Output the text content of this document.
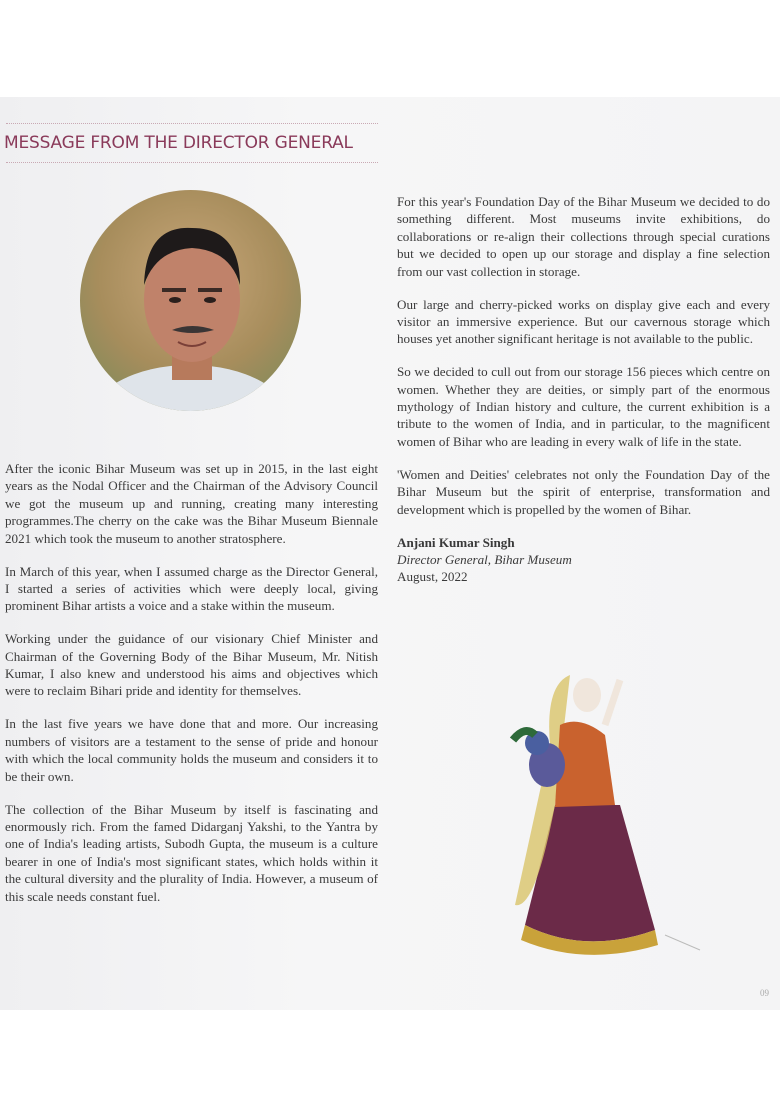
MESSAGE FROM THE DIRECTOR GENERAL

After the iconic Bihar Museum was set up in 2015, in the last eight years as the Nodal Officer and the Chairman of the Advisory Council we got the museum up and running, creating many interesting programmes.The cherry on the cake was the Bihar Museum Biennale 2021 which took the museum to another stratosphere.

In March of this year, when I assumed charge as the Director General, I started a series of activities which were deeply local, giving prominent Bihar artists a voice and a stake within the museum.

Working under the guidance of our visionary Chief Minister and Chairman of the Governing Body of the Bihar Museum, Mr. Nitish Kumar, I also knew and understood his aims and objectives which were to reclaim Bihari pride and identity for themselves.

In the last five years we have done that and more. Our increasing numbers of visitors are a testament to the sense of pride and honour with which the local community holds the museum and considers it to be their own.

The collection of the Bihar Museum by itself is fascinating and enormously rich. From the famed Didarganj Yakshi, to the Yantra by one of India's leading artists, Subodh Gupta, the museum is a culture bearer in one of India's most significant states, which holds within it the cultural diversity and the plurality of India. However, a museum of this scale needs constant fuel.

For this year's Foundation Day of the Bihar Museum we decided to do something different. Most museums invite exhibitions, do collaborations or re-align their collections through special curations but we decided to open up our storage and display a fine selection from our vast collection in storage.

Our large and cherry-picked works on display give each and every visitor an immersive experience. But our cavernous storage which houses yet another significant heritage is not available to the public.

So we decided to cull out from our storage 156 pieces which centre on women. Whether they are deities, or simply part of the enormous mythology of Indian history and culture, the current exhibition is a tribute to the women of India, and in particular, to the magnificent women of Bihar who are leading in every walk of life in the state.

'Women and Deities' celebrates not only the Foundation Day of the Bihar Museum but the spirit of enterprise, transformation and development which is propelled by the women of Bihar.

Anjani Kumar Singh
Director General, Bihar Museum
August, 2022
09
